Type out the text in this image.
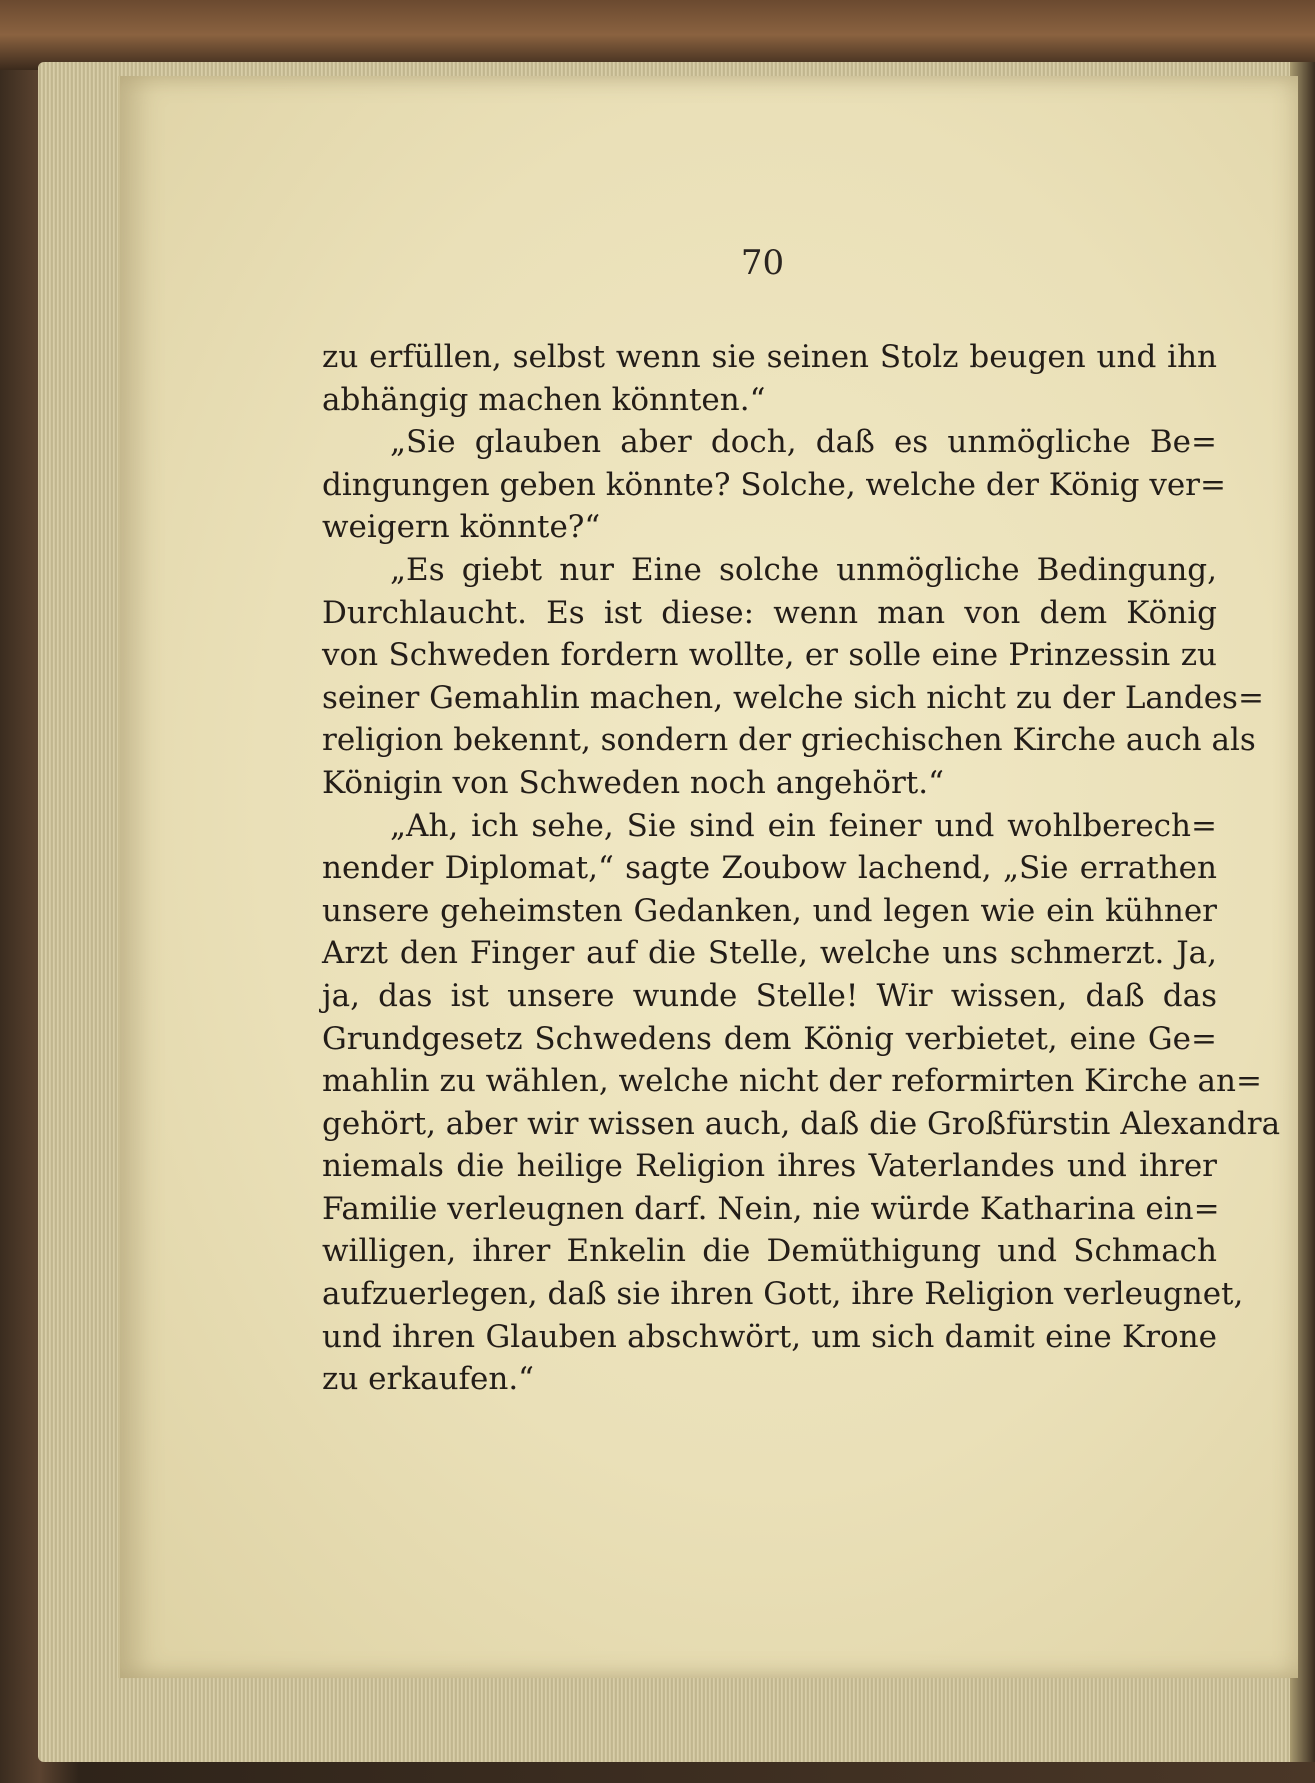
70
zu erfüllen, selbst wenn sie seinen Stolz beugen und ihn
abhängig machen könnten.“
„Sie glauben aber doch, daß es unmögliche Be=
dingungen geben könnte? Solche, welche der König ver=
weigern könnte?“
„Es giebt nur Eine solche unmögliche Bedingung,
Durchlaucht. Es ist diese: wenn man von dem König
von Schweden fordern wollte, er solle eine Prinzessin zu
seiner Gemahlin machen, welche sich nicht zu der Landes=
religion bekennt, sondern der griechischen Kirche auch als
Königin von Schweden noch angehört.“
„Ah, ich sehe, Sie sind ein feiner und wohlberech=
nender Diplomat,“ sagte Zoubow lachend, „Sie errathen
unsere geheimsten Gedanken, und legen wie ein kühner
Arzt den Finger auf die Stelle, welche uns schmerzt. Ja,
ja, das ist unsere wunde Stelle! Wir wissen, daß das
Grundgesetz Schwedens dem König verbietet, eine Ge=
mahlin zu wählen, welche nicht der reformirten Kirche an=
gehört, aber wir wissen auch, daß die Großfürstin Alexandra
niemals die heilige Religion ihres Vaterlandes und ihrer
Familie verleugnen darf. Nein, nie würde Katharina ein=
willigen, ihrer Enkelin die Demüthigung und Schmach
aufzuerlegen, daß sie ihren Gott, ihre Religion verleugnet,
und ihren Glauben abschwört, um sich damit eine Krone
zu erkaufen.“
